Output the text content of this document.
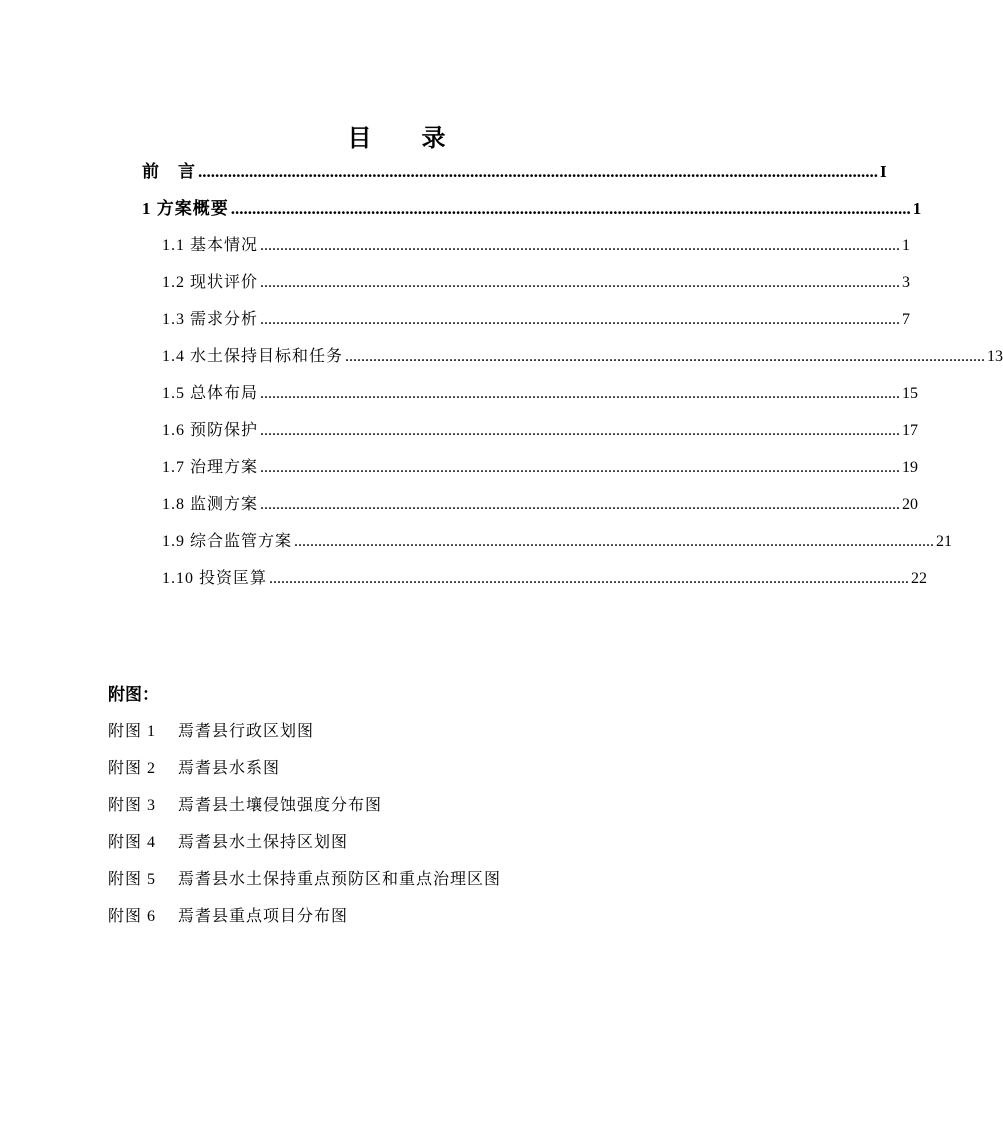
目 录
前　言 ................................................................................................................................................................ I
1 方案概要 ................................................................................................................................................................ 1
1.1 基本情况 ................................................................................................................................................................ 1
1.2 现状评价 ................................................................................................................................................................ 3
1.3 需求分析 ................................................................................................................................................................ 7
1.4 水土保持目标和任务 ................................................................................................................................................................ 13
1.5 总体布局 ................................................................................................................................................................ 15
1.6 预防保护 ................................................................................................................................................................ 17
1.7 治理方案 ................................................................................................................................................................ 19
1.8 监测方案 ................................................................................................................................................................ 20
1.9 综合监管方案 ................................................................................................................................................................ 21
1.10 投资匡算 ................................................................................................................................................................ 22
附图：
附图 1 焉耆县行政区划图
附图 2 焉耆县水系图
附图 3 焉耆县土壤侵蚀强度分布图
附图 4 焉耆县水土保持区划图
附图 5 焉耆县水土保持重点预防区和重点治理区图
附图 6 焉耆县重点项目分布图
